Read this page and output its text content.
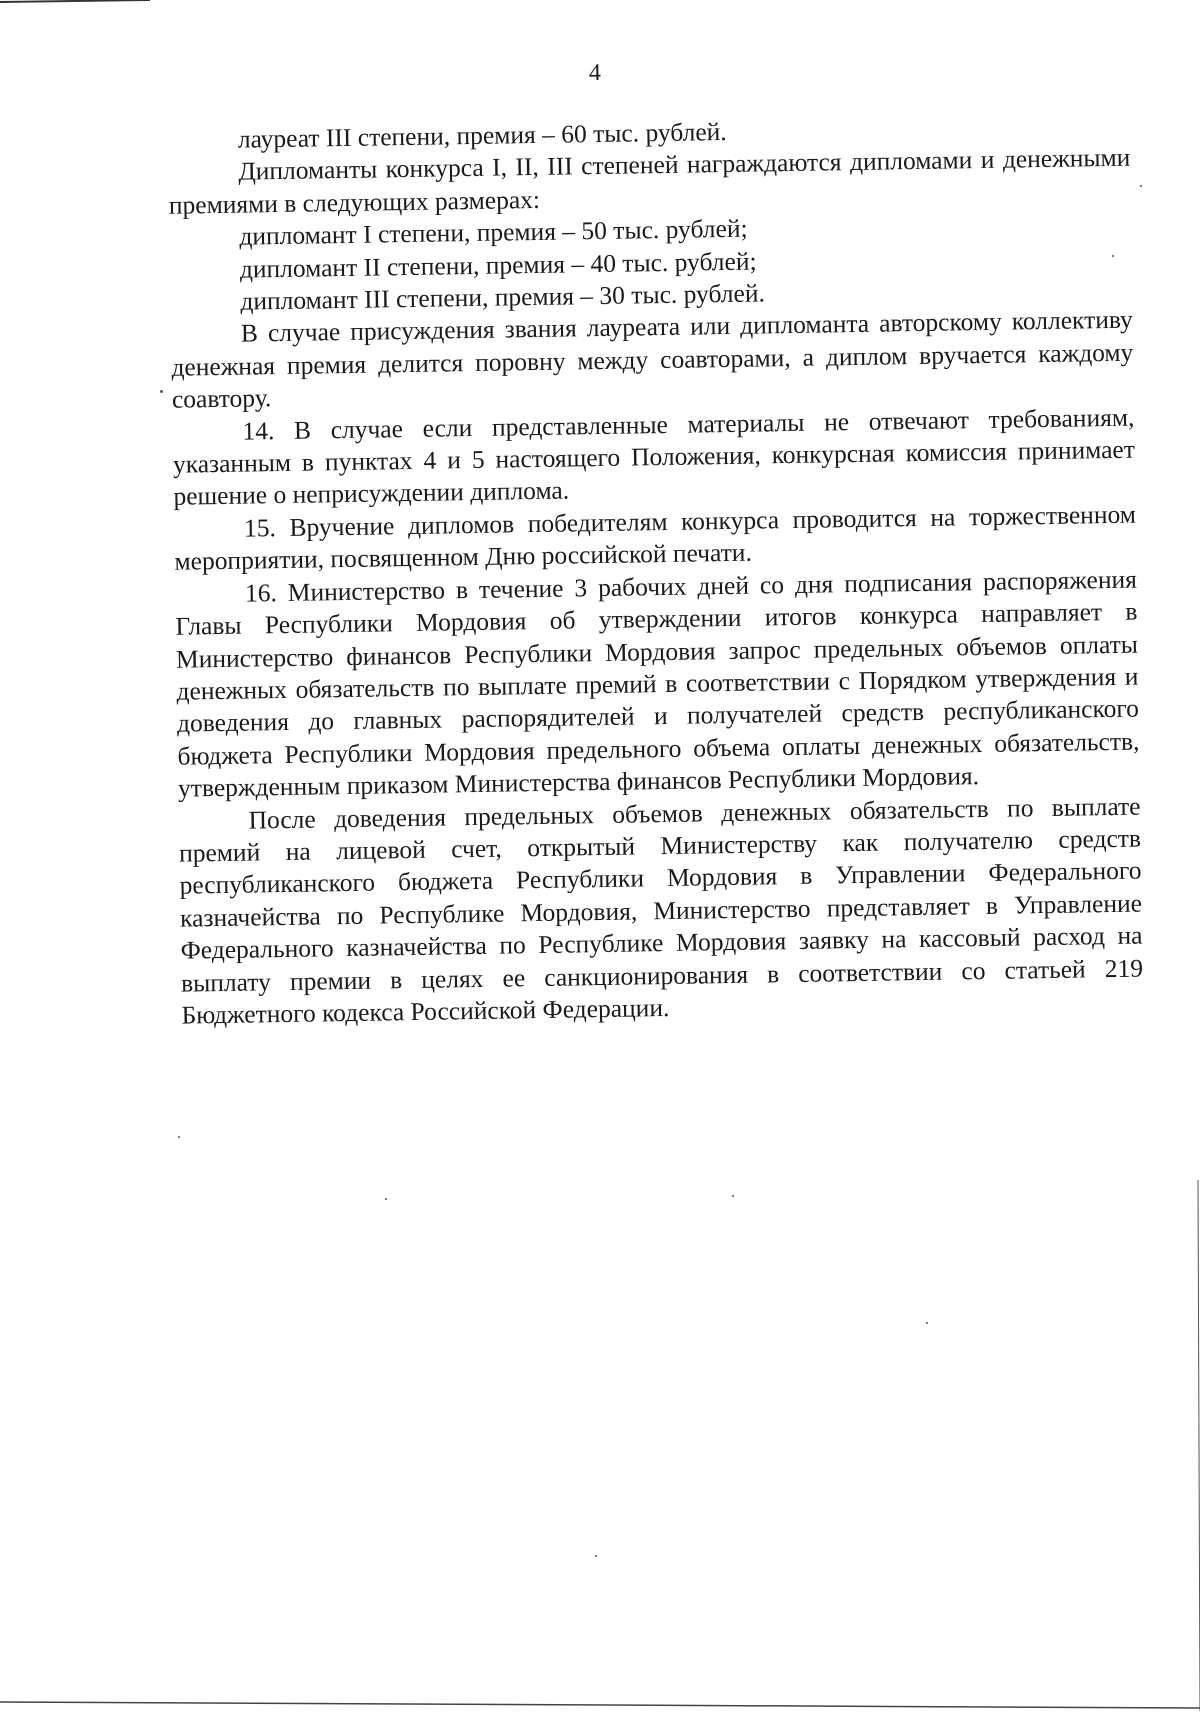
4

лауреат III степени, премия – 60 тыс. рублей.

Дипломанты конкурса I, II, III степеней награждаются дипломами и денежными премиями в следующих размерах:

дипломант I степени, премия – 50 тыс. рублей;

дипломант II степени, премия – 40 тыс. рублей;

дипломант III степени, премия – 30 тыс. рублей.

В случае присуждения звания лауреата или дипломанта авторскому коллективу денежная премия делится поровну между соавторами, а диплом вручается каждому соавтору.

14. В случае если представленные материалы не отвечают требованиям, указанным в пунктах 4 и 5 настоящего Положения, конкурсная комиссия принимает решение о неприсуждении диплома.

15. Вручение дипломов победителям конкурса проводится на торжественном мероприятии, посвященном Дню российской печати.

16. Министерство в течение 3 рабочих дней со дня подписания распоряжения Главы Республики Мордовия об утверждении итогов конкурса направляет в Министерство финансов Республики Мордовия запрос предельных объемов оплаты денежных обязательств по выплате премий в соответствии с Порядком утверждения и доведения до главных распорядителей и получателей средств республиканского бюджета Республики Мордовия предельного объема оплаты денежных обязательств, утвержденным приказом Министерства финансов Республики Мордовия.

После доведения предельных объемов денежных обязательств по выплате премий на лицевой счет, открытый Министерству как получателю средств республиканского бюджета Республики Мордовия в Управлении Федерального казначейства по Республике Мордовия, Министерство представляет в Управление Федерального казначейства по Республике Мордовия заявку на кассовый расход на выплату премии в целях ее санкционирования в соответствии со статьей 219 Бюджетного кодекса Российской Федерации.
